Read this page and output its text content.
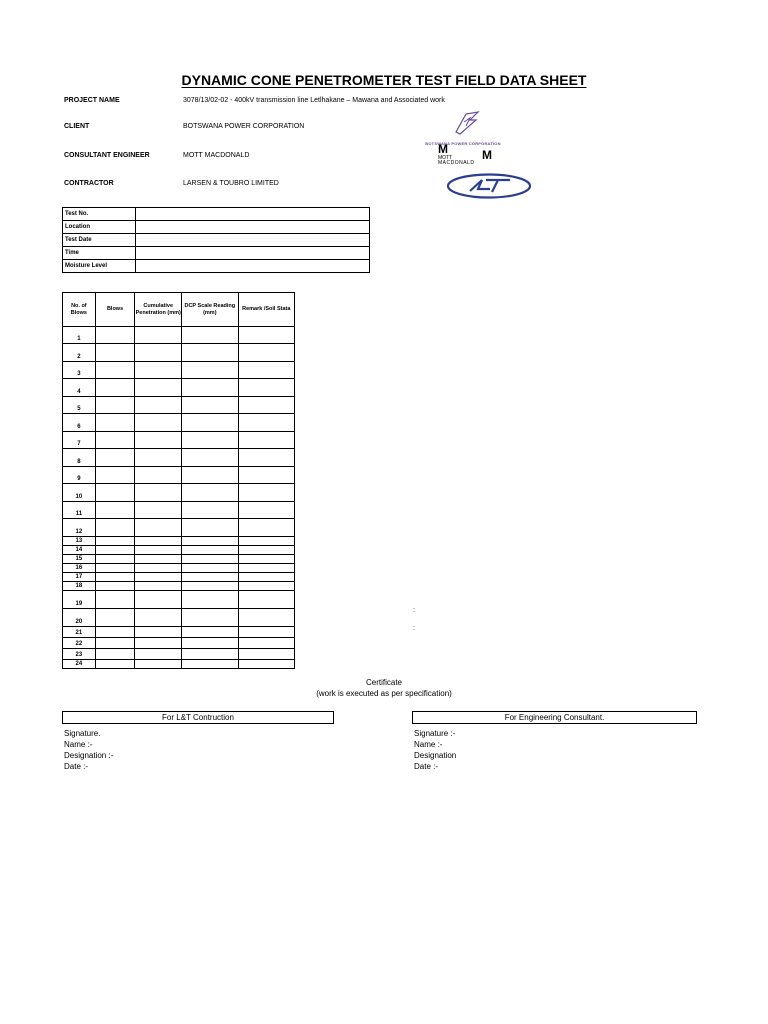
DYNAMIC CONE PENETROMETER TEST FIELD DATA SHEET
PROJECT NAME	3078/13/02-02 - 400kV transmission line Letlhakane – Mawana and Associated work
CLIENT	BOTSWANA POWER CORPORATION
CONSULTANT ENGINEER	MOTT MACDONALD
CONTRACTOR	LARSEN & TOUBRO LIMITED
BOTSWANA POWER CORPORATION
M	M
MOTT
MACDONALD
Test No.	
Location	
Test Date	
Time	
Moisture Level	
No. of Blows	Blows	Cumulative Penetration (mm)	DCP Scale Reading (mm)	Remark /Soil Stata
1				
2				
3				
4				
5				
6				
7				
8				
9				
10				
11				
12				
13				
14				
15				
16				
17				
18				
19				
20				
21				
22				
23				
24				
:
:
Certificate
(work is executed as per specification)
For L&T Contruction	For Engineering Consultant.
Signature.
Name :-
Designation :-
Date :-
Signature :-
Name :-
Designation
Date :-
